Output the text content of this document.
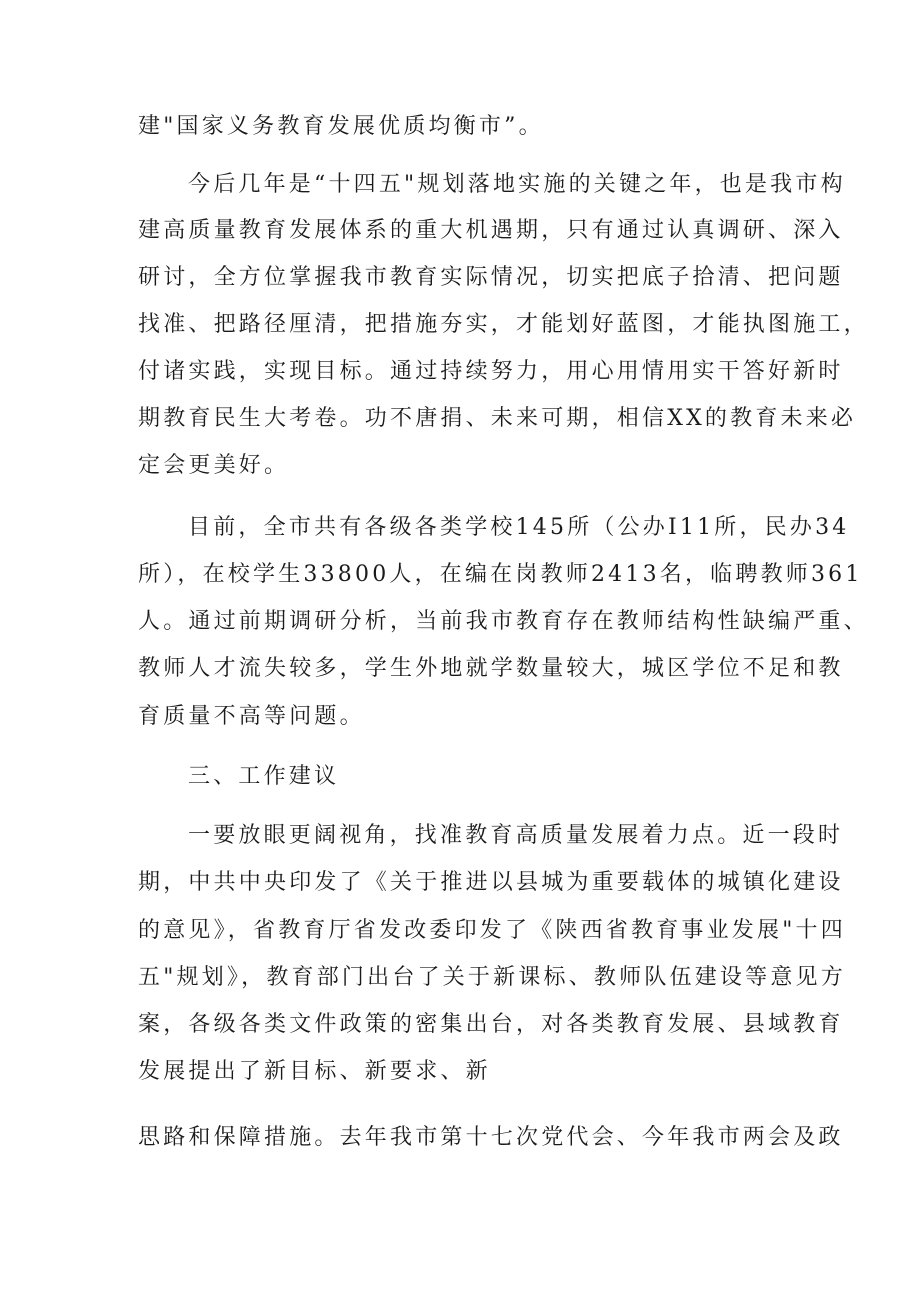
建"国家义务教育发展优质均衡市”。
今后几年是“十四五"规划落地实施的关键之年，也是我市构
建高质量教育发展体系的重大机遇期，只有通过认真调研、深入
研讨，全方位掌握我市教育实际情况，切实把底子拾清、把问题
找准、把路径厘清，把措施夯实，才能划好蓝图，才能执图施工，
付诸实践，实现目标。通过持续努力，用心用情用实干答好新时
期教育民生大考卷。功不唐捐、未来可期，相信XX的教育未来必
定会更美好。
目前，全市共有各级各类学校145所（公办I11所，民办34
所），在校学生33800人，在编在岗教师2413名，临聘教师361
人。通过前期调研分析，当前我市教育存在教师结构性缺编严重、
教师人才流失较多，学生外地就学数量较大，城区学位不足和教
育质量不高等问题。
三、工作建议
一要放眼更阔视角，找准教育高质量发展着力点。近一段时
期，中共中央印发了《关于推进以县城为重要载体的城镇化建设
的意见》，省教育厅省发改委印发了《陕西省教育事业发展"十四
五"规划》，教育部门出台了关于新课标、教师队伍建设等意见方
案，各级各类文件政策的密集出台，对各类教育发展、县域教育
发展提出了新目标、新要求、新
思路和保障措施。去年我市第十七次党代会、今年我市两会及政
